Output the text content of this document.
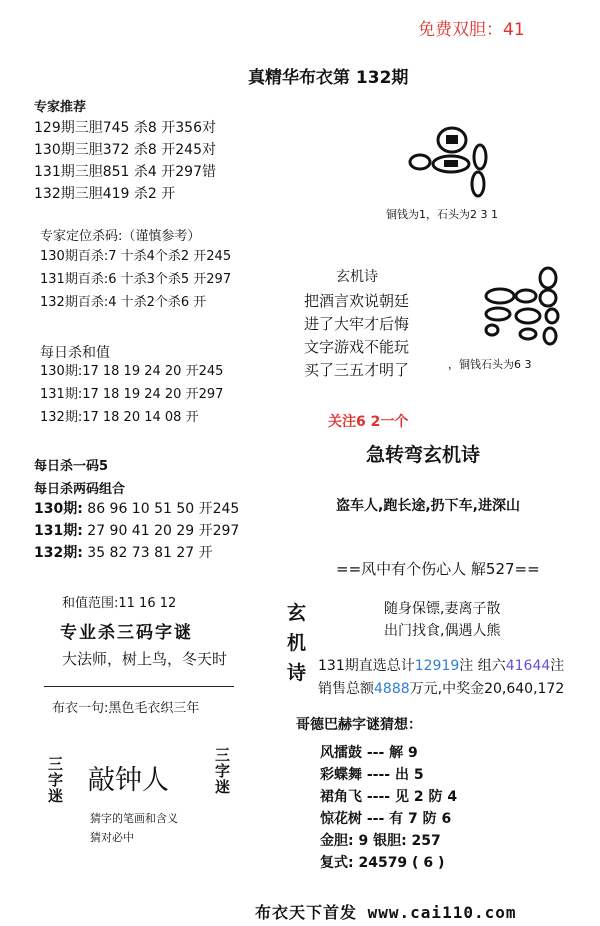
免费双胆：41
真精华布衣第 132期
专家推荐
129期三胆745 杀8 开356对
130期三胆372 杀8 开245对
131期三胆851 杀4 开297错
132期三胆419 杀2 开
专家定位杀码:（谨慎参考）
130期百杀:7 十杀4个杀2 开245
131期百杀:6 十杀3个杀5 开297
132期百杀:4 十杀2个杀6 开
每日杀和值
130期:17 18 19 24 20 开245
131期:17 18 19 24 20 开297
132期:17 18 20 14 08 开
每日杀一码5
每日杀两码组合
130期: 86 96 10 51 50 开245
131期: 27 90 41 20 29 开297
132期: 35 82 73 81 27 开
和值范围:11 16 12
专业杀三码字谜
大法师，树上鸟，冬天时
布衣一句:黑色毛衣织三年
三字迷 敲钟人	三字迷
猜字的笔画和含义
猜对必中
铜钱为1，石头为2 3 1
玄机诗
把酒言欢说朝廷
进了大牢才后悔
文字游戏不能玩
买了三五才明了	，铜钱石头为6 3
关注6 2一个
急转弯玄机诗
盗车人,跑长途,扔下车,进深山
==风中有个伤心人 解527==
玄
机
诗
随身保镖,妻离子散
出门找食,偶遇人熊
131期直选总计12919注 组六41644注
销售总额4888万元,中奖金20,640,172
哥德巴赫字谜猜想：
风擂鼓 --- 解 9
彩蝶舞 ---- 出 5
裙角飞 ---- 见 2 防 4
惊花树 --- 有 7 防 6
金胆: 9 银胆: 257
复式: 24579 ( 6 )
布衣天下首发 www.cai110.com
